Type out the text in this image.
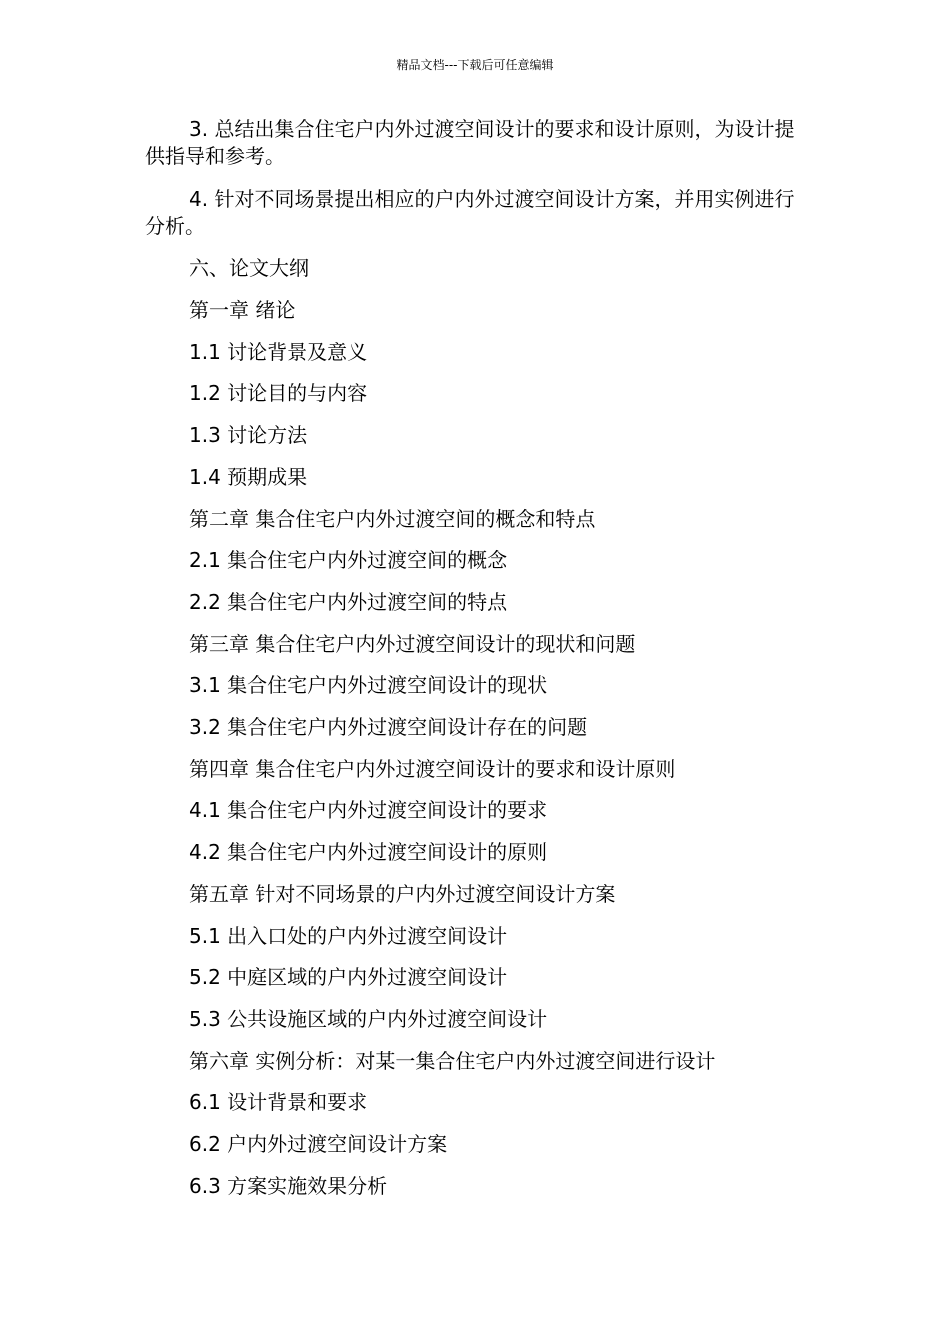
精品文档---下载后可任意编辑
3. 总结出集合住宅户内外过渡空间设计的要求和设计原则，为设计提供指导和参考。
4. 针对不同场景提出相应的户内外过渡空间设计方案，并用实例进行分析。
六、论文大纲
第一章 绪论
1.1 讨论背景及意义
1.2 讨论目的与内容
1.3 讨论方法
1.4 预期成果
第二章 集合住宅户内外过渡空间的概念和特点
2.1 集合住宅户内外过渡空间的概念
2.2 集合住宅户内外过渡空间的特点
第三章 集合住宅户内外过渡空间设计的现状和问题
3.1 集合住宅户内外过渡空间设计的现状
3.2 集合住宅户内外过渡空间设计存在的问题
第四章 集合住宅户内外过渡空间设计的要求和设计原则
4.1 集合住宅户内外过渡空间设计的要求
4.2 集合住宅户内外过渡空间设计的原则
第五章 针对不同场景的户内外过渡空间设计方案
5.1 出入口处的户内外过渡空间设计
5.2 中庭区域的户内外过渡空间设计
5.3 公共设施区域的户内外过渡空间设计
第六章 实例分析：对某一集合住宅户内外过渡空间进行设计
6.1 设计背景和要求
6.2 户内外过渡空间设计方案
6.3 方案实施效果分析
